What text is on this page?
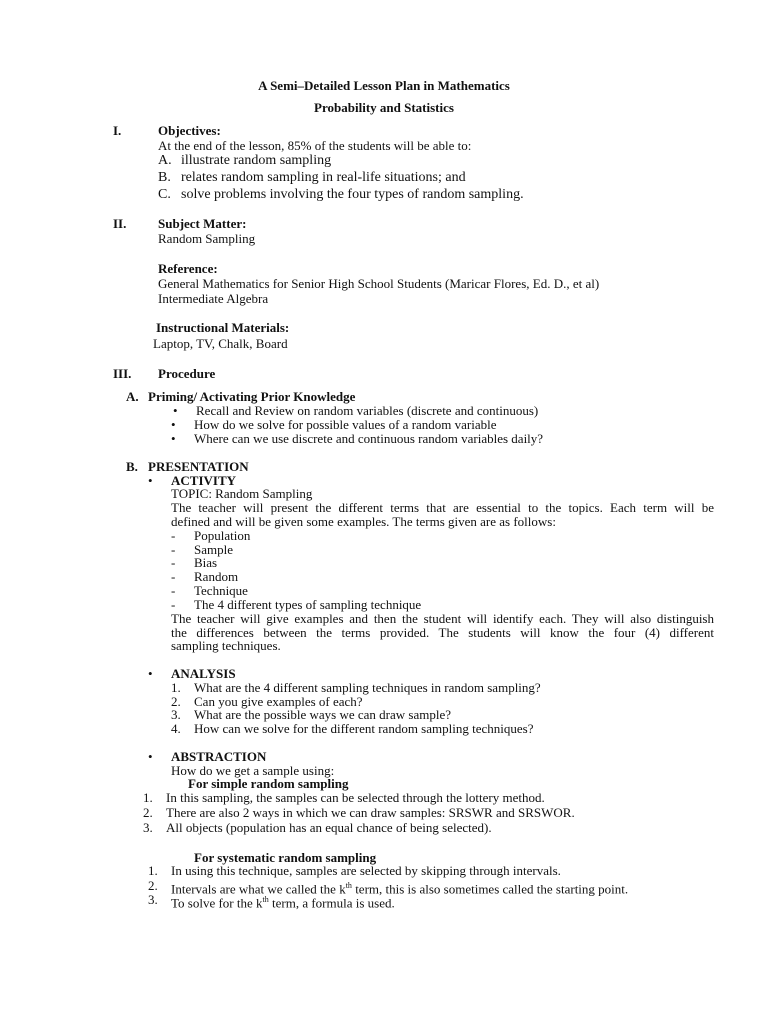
A Semi–Detailed Lesson Plan in Mathematics
Probability and Statistics
I.	Objectives:
At the end of the lesson, 85% of the students will be able to:
A. illustrate random sampling
B. relates random sampling in real-life situations; and
C. solve problems involving the four types of random sampling.
II. Subject Matter:
Random Sampling
Reference:
General Mathematics for Senior High School Students (Maricar Flores, Ed. D., et al)
Intermediate Algebra
Instructional Materials:
Laptop, TV, Chalk, Board
III. Procedure
A. Priming/ Activating Prior Knowledge
• Recall and Review on random variables (discrete and continuous)
• How do we solve for possible values of a random variable
• Where can we use discrete and continuous random variables daily?
B. PRESENTATION
• ACTIVITY
TOPIC: Random Sampling
The teacher will present the different terms that are essential to the topics. Each term will be
defined and will be given some examples. The terms given are as follows:
- Population
- Sample
- Bias
- Random
- Technique
- The 4 different types of sampling technique
The teacher will give examples and then the student will identify each. They will also distinguish
the differences between the terms provided. The students will know the four (4) different
sampling techniques.
• ANALYSIS
1. What are the 4 different sampling techniques in random sampling?
2. Can you give examples of each?
3. What are the possible ways we can draw sample?
4. How can we solve for the different random sampling techniques?
• ABSTRACTION
How do we get a sample using:
For simple random sampling
1. In this sampling, the samples can be selected through the lottery method.
2. There are also 2 ways in which we can draw samples: SRSWR and SRSWOR.
3. All objects (population has an equal chance of being selected).
For systematic random sampling
1. In using this technique, samples are selected by skipping through intervals.
2. Intervals are what we called the $k^{th}$ term, this is also sometimes called the starting point.
3. To solve for the $k^{th}$ term, a formula is used.
